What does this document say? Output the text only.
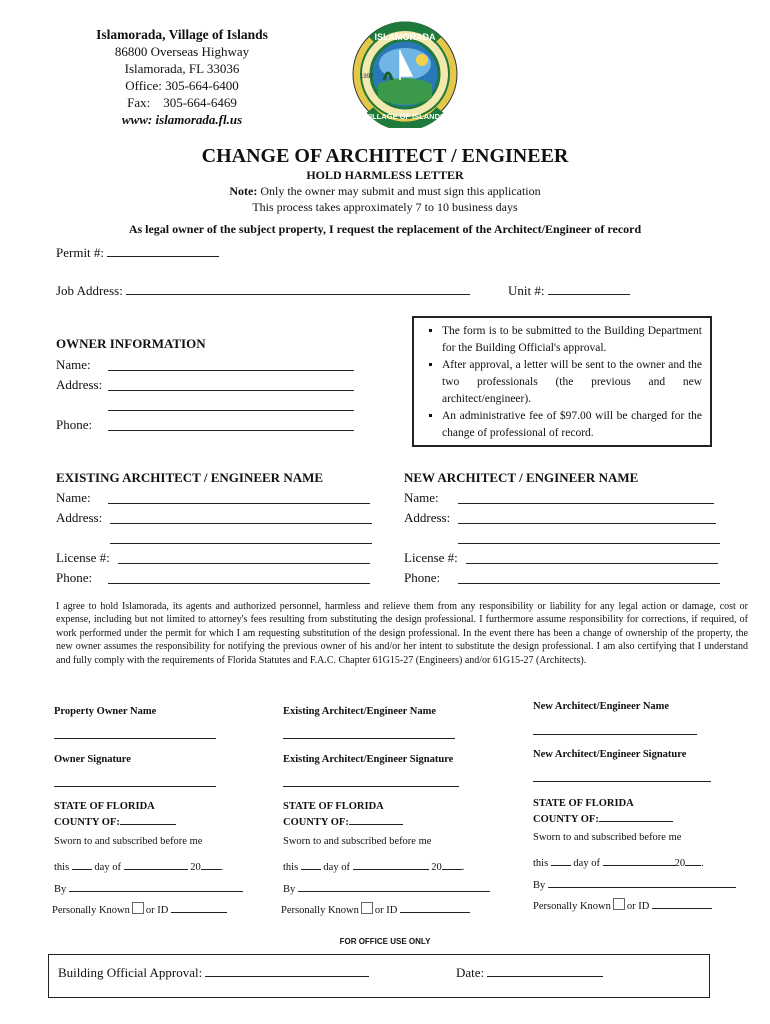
Islamorada, Village of Islands
86800 Overseas Highway
Islamorada, FL 33036
Office: 305-664-6400
Fax:    305-664-6469
www: islamorada.fl.us
ISLAMORADA
VILLAGE OF ISLANDS
1997
CHANGE OF ARCHITECT / ENGINEER
HOLD HARMLESS LETTER
Note: Only the owner may submit and must sign this application
This process takes approximately 7 to 10 business days
As legal owner of the subject property, I request the replacement of the Architect/Engineer of record
Permit #:
Job Address:	Unit #:
OWNER INFORMATION
Name:
Address:
Phone:
▪ The form is to be submitted to the Building Department for the Building Official's approval.
▪ After approval, a letter will be sent to the owner and the two professionals (the previous and new architect/engineer).
▪ An administrative fee of $97.00 will be charged for the change of professional of record.
EXISTING ARCHITECT / ENGINEER NAME
Name:
Address:
License #:
Phone:
NEW ARCHITECT / ENGINEER NAME
Name:
Address:
License #:
Phone:
I agree to hold Islamorada, its agents and authorized personnel, harmless and relieve them from any responsibility or liability for any legal action or damage, cost or expense, including but not limited to attorney's fees resulting from substituting the design professional. I furthermore assume responsibility for corrections, if required, of work performed under the permit for which I am requesting substitution of the design professional. In the event there has been a change of ownership of the property, the new owner assumes the responsibility for notifying the previous owner of his and/or her intent to substitute the design professional. I am also certifying that I understand and fully comply with the requirements of Florida Statutes and F.A.C. Chapter 61G15-27 (Engineers) and/or 61G15-27 (Architects).
Property Owner Name
Owner Signature
Existing Architect/Engineer Name
Existing Architect/Engineer Signature
New Architect/Engineer Name
New Architect/Engineer Signature
STATE OF FLORIDA
COUNTY OF:
Sworn to and subscribed before me
this day of	20 .
By
Personally Known or ID
STATE OF FLORIDA
COUNTY OF:
Sworn to and subscribed before me
this day of	20 .
By
Personally Known or ID
STATE OF FLORIDA
COUNTY OF:
Sworn to and subscribed before me
this day of	20 .
By
Personally Known or ID
FOR OFFICE USE ONLY
Building Official Approval:	Date:
